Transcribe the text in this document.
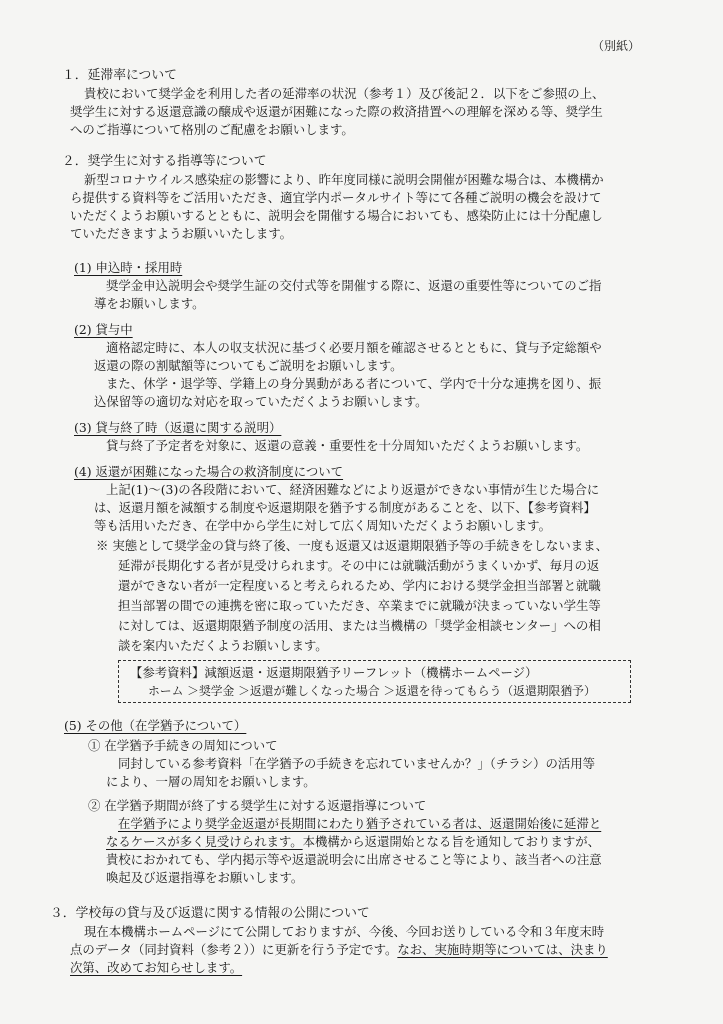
（別紙）
１．延滞率について
貴校において奨学金を利用した者の延滞率の状況（参考１）及び後記２．以下をご参照の上、
奨学生に対する返還意識の醸成や返還が困難になった際の救済措置への理解を深める等、奨学生
へのご指導について格別のご配慮をお願いします。
２．奨学生に対する指導等について
新型コロナウイルス感染症の影響により、昨年度同様に説明会開催が困難な場合は、本機構か
ら提供する資料等をご活用いただき、適宜学内ポータルサイト等にて各種ご説明の機会を設けて
いただくようお願いするとともに、説明会を開催する場合においても、感染防止には十分配慮し
ていただきますようお願いいたします。
(1) 申込時・採用時
奨学金申込説明会や奨学生証の交付式等を開催する際に、返還の重要性等についてのご指
導をお願いします。
(2) 貸与中
適格認定時に、本人の収支状況に基づく必要月額を確認させるとともに、貸与予定総額や
返還の際の割賦額等についてもご説明をお願いします。
また、休学・退学等、学籍上の身分異動がある者について、学内で十分な連携を図り、振
込保留等の適切な対応を取っていただくようお願いします。
(3) 貸与終了時（返還に関する説明）
貸与終了予定者を対象に、返還の意義・重要性を十分周知いただくようお願いします。
(4) 返還が困難になった場合の救済制度について
上記(1)～(3)の各段階において、経済困難などにより返還ができない事情が生じた場合に
は、返還月額を減額する制度や返還期限を猶予する制度があることを、以下、【参考資料】
等も活用いただき、在学中から学生に対して広く周知いただくようお願いします。
※ 実態として奨学金の貸与終了後、一度も返還又は返還期限猶予等の手続きをしないまま、
延滞が長期化する者が見受けられます。その中には就職活動がうまくいかず、毎月の返
還ができない者が一定程度いると考えられるため、学内における奨学金担当部署と就職
担当部署の間での連携を密に取っていただき、卒業までに就職が決まっていない学生等
に対しては、返還期限猶予制度の活用、または当機構の「奨学金相談センター」への相
談を案内いただくようお願いします。
【参考資料】減額返還・返還期限猶予リーフレット（機構ホームページ）
ホーム ＞奨学金 ＞返還が難しくなった場合 ＞返還を待ってもらう（返還期限猶予）
(5) その他（在学猶予について）
① 在学猶予手続きの周知について
同封している参考資料「在学猶予の手続きを忘れていませんか？」（チラシ）の活用等
により、一層の周知をお願いします。
② 在学猶予期間が終了する奨学生に対する返還指導について
在学猶予により奨学金返還が長期間にわたり猶予されている者は、返還開始後に延滞と
なるケースが多く見受けられます。本機構から返還開始となる旨を通知しておりますが、
貴校におかれても、学内掲示等や返還説明会に出席させること等により、該当者への注意
喚起及び返還指導をお願いします。
３．学校毎の貸与及び返還に関する情報の公開について
現在本機構ホームページにて公開しておりますが、今後、今回お送りしている令和３年度末時
点のデータ（同封資料（参考２））に更新を行う予定です。なお、実施時期等については、決まり
次第、改めてお知らせします。
